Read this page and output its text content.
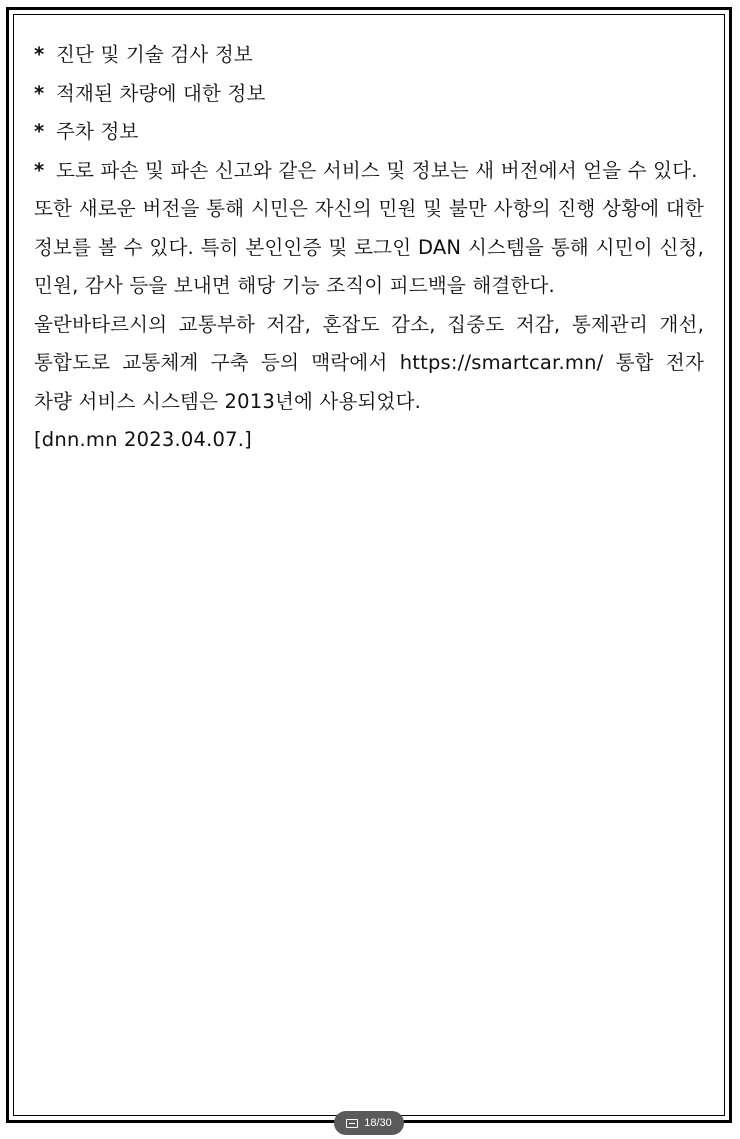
* 진단 및 기술 검사 정보

* 적재된 차량에 대한 정보

* 주차 정보

* 도로 파손 및 파손 신고와 같은 서비스 및 정보는 새 버전에서 얻을 수 있다.

또한 새로운 버전을 통해 시민은 자신의 민원 및 불만 사항의 진행 상황에 대한 정보를 볼 수 있다. 특히 본인인증 및 로그인 DAN 시스템을 통해 시민이 신청, 민원, 감사 등을 보내면 해당 기능 조직이 피드백을 해결한다.

울란바타르시의 교통부하 저감, 혼잡도 감소, 집중도 저감, 통제관리 개선, 통합도로 교통체계 구축 등의 맥락에서 https://smartcar.mn/ 통합 전자 차량 서비스 시스템은 2013년에 사용되었다.

[dnn.mn 2023.04.07.]

18/30
